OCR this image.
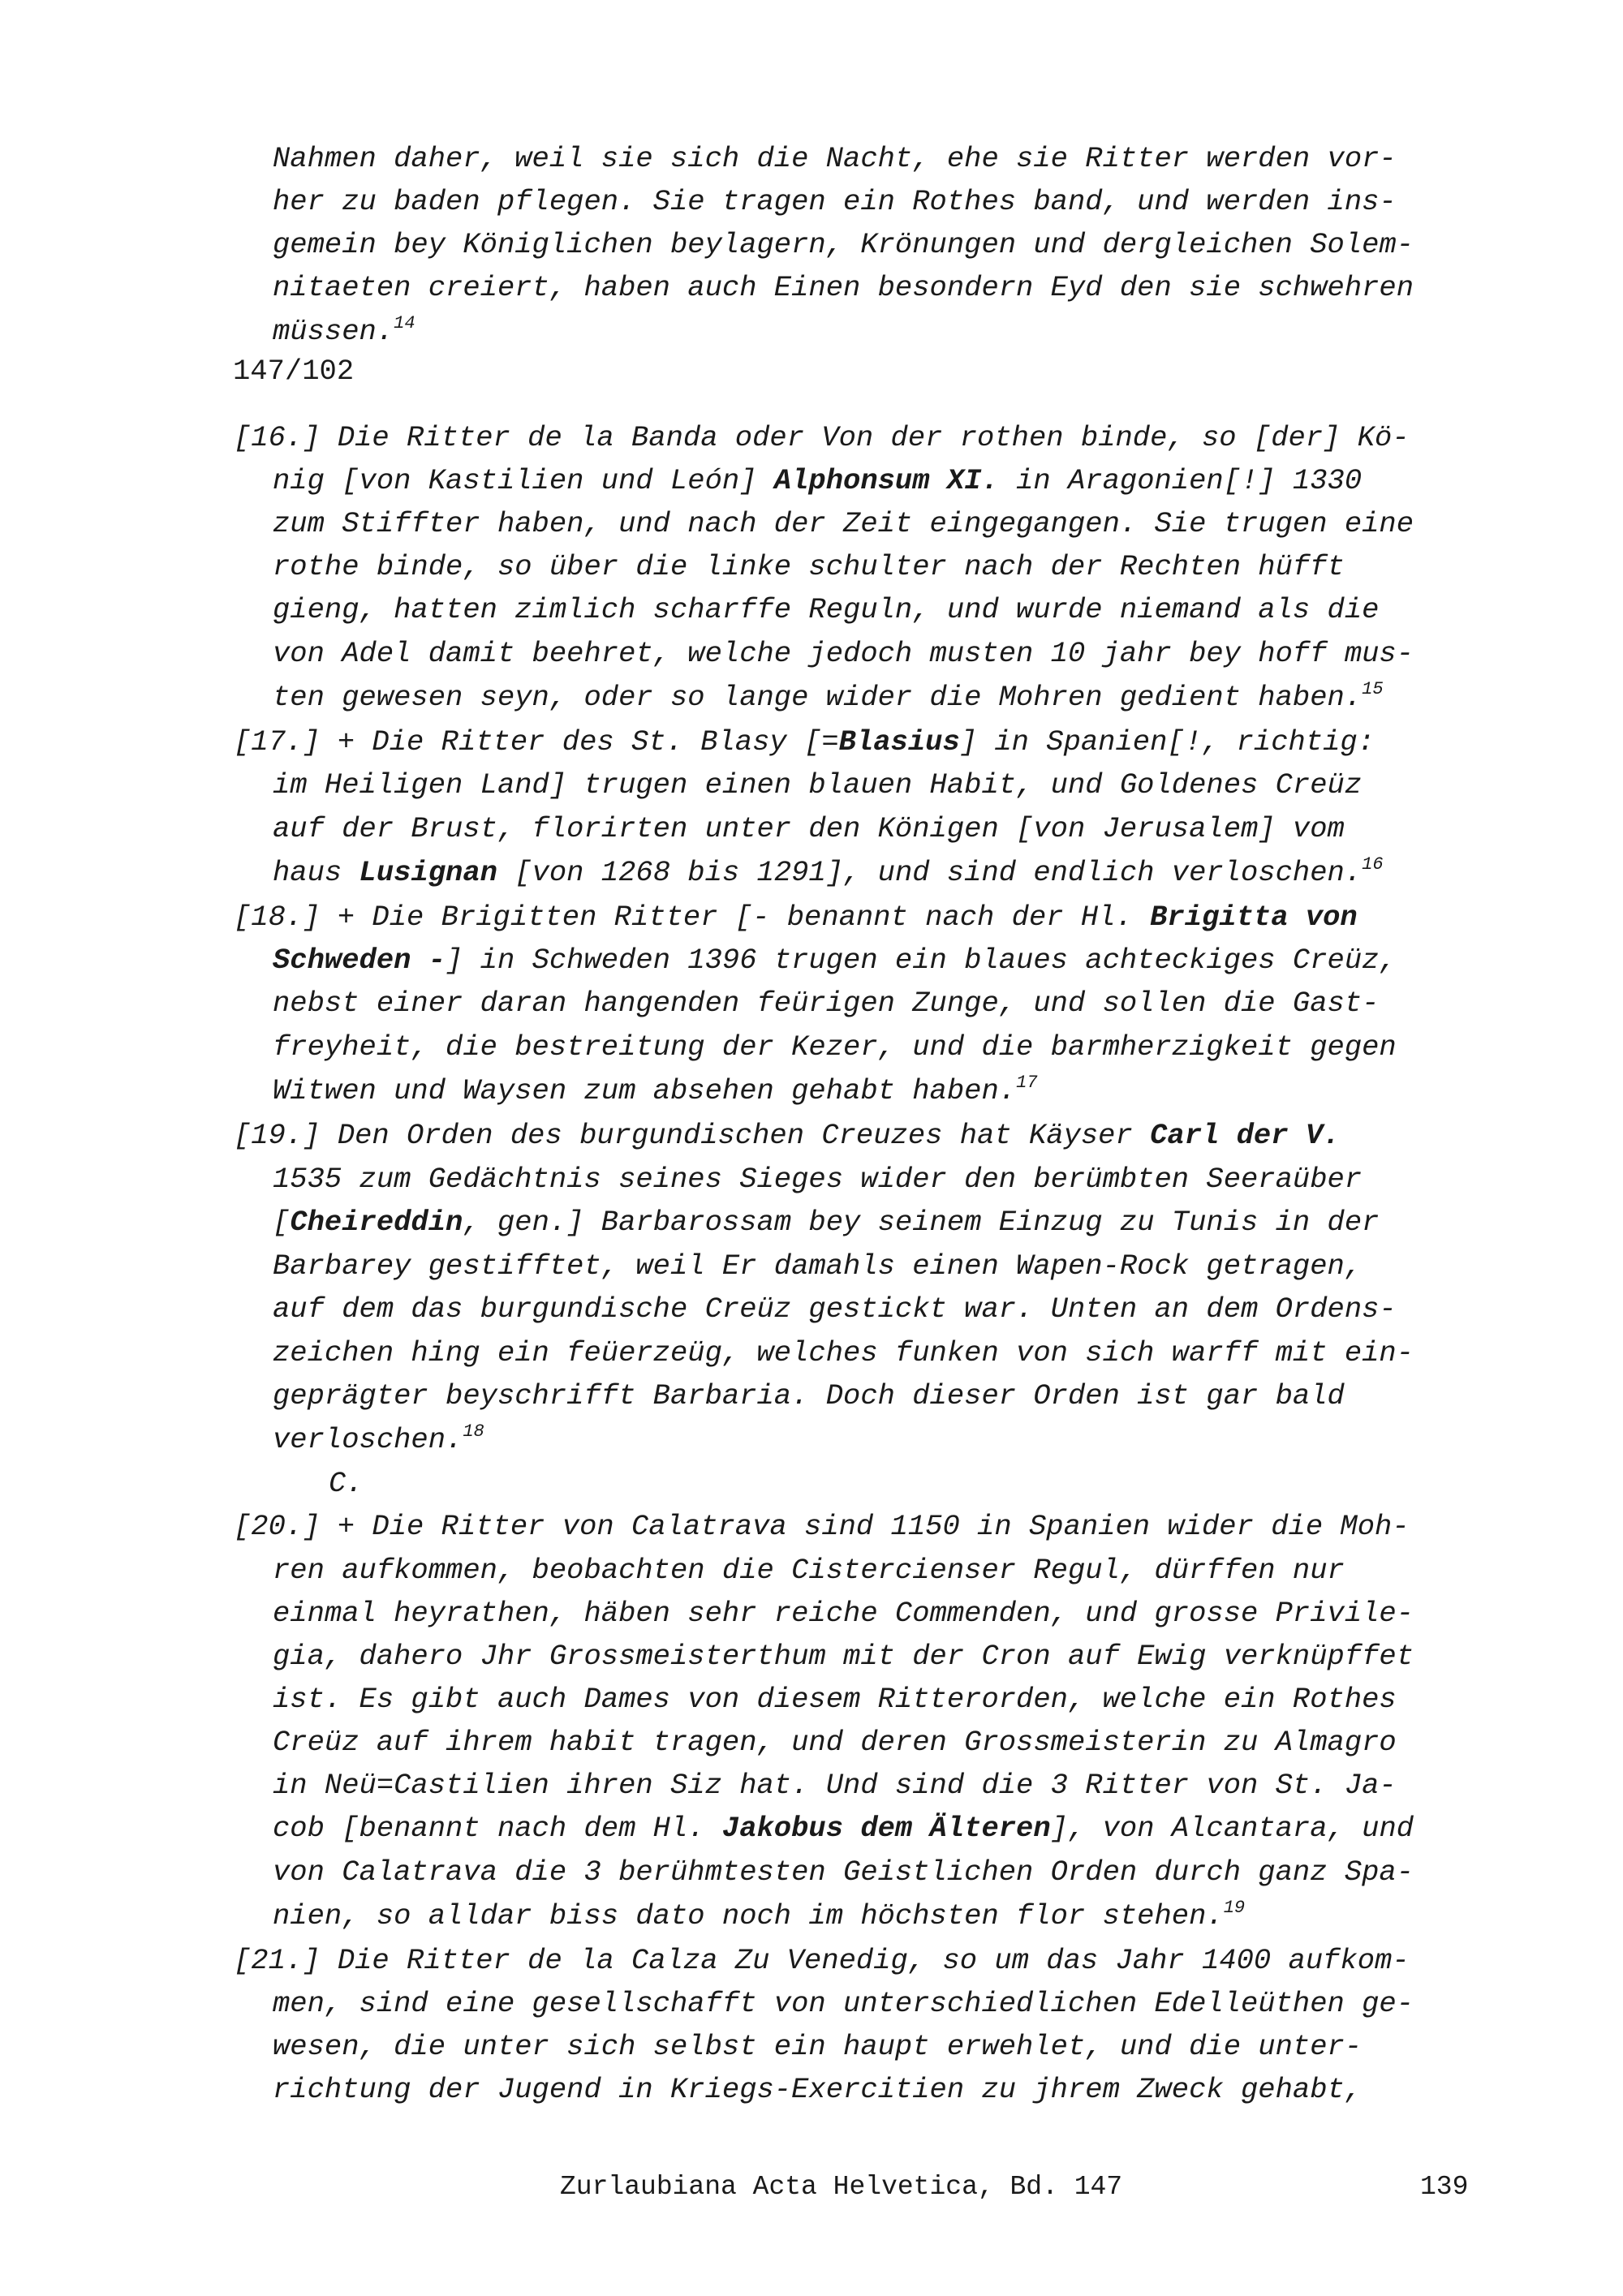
Nahmen daher, weil sie sich die Nacht, ehe sie Ritter werden vor-
her zu baden pflegen. Sie tragen ein Rothes band, und werden ins-
gemein bey Königlichen beylagern, Krönungen und dergleichen Solem-
nitaeten creiert, haben auch Einen besondern Eyd den sie schwehren
müssen.$^{14}$
[16.] Die Ritter de la Banda oder Von der rothen binde, so [der] Kö-
nig [von Kastilien und León] Alphonsum XI. in Aragonien[!] 1330
zum Stiffter haben, und nach der Zeit eingegangen. Sie trugen eine
rothe binde, so über die linke schulter nach der Rechten hüfft
gieng, hatten zimlich scharffe Reguln, und wurde niemand als die
von Adel damit beehret, welche jedoch musten 10 jahr bey hoff mus-
ten gewesen seyn, oder so lange wider die Mohren gedient haben.$^{15}$
[17.] + Die Ritter des St. Blasy [=Blasius] in Spanien[!, richtig:
im Heiligen Land] trugen einen blauen Habit, und Goldenes Creüz
auf der Brust, florirten unter den Königen [von Jerusalem] vom
haus Lusignan [von 1268 bis 1291], und sind endlich verloschen.$^{16}$
[18.] + Die Brigitten Ritter [- benannt nach der Hl. Brigitta von
Schweden -] in Schweden 1396 trugen ein blaues achteckiges Creüz,
nebst einer daran hangenden feürigen Zunge, und sollen die Gast-
freyheit, die bestreitung der Kezer, und die barmherzigkeit gegen
Witwen und Waysen zum absehen gehabt haben.$^{17}$
[19.] Den Orden des burgundischen Creuzes hat Käyser Carl der V.
1535 zum Gedächtnis seines Sieges wider den berümbten Seeraüber
[Cheireddin, gen.] Barbarossam bey seinem Einzug zu Tunis in der
Barbarey gestifftet, weil Er damahls einen Wapen-Rock getragen,
auf dem das burgundische Creüz gestickt war. Unten an dem Ordens-
zeichen hing ein feüerzeüg, welches funken von sich warff mit ein-
geprägter beyschrifft Barbaria. Doch dieser Orden ist gar bald
verloschen.$^{18}$
C.
[20.] + Die Ritter von Calatrava sind 1150 in Spanien wider die Moh-
ren aufkommen, beobachten die Cistercienser Regul, dürffen nur
einmal heyrathen, häben sehr reiche Commenden, und grosse Privile-
gia, dahero Jhr Grossmeisterthum mit der Cron auf Ewig verknüpffet
ist. Es gibt auch Dames von diesem Ritterorden, welche ein Rothes
Creüz auf ihrem habit tragen, und deren Grossmeisterin zu Almagro
in Neü=Castilien ihren Siz hat. Und sind die 3 Ritter von St. Ja-
cob [benannt nach dem Hl. Jakobus dem Älteren], von Alcantara, und
von Calatrava die 3 berühmtesten Geistlichen Orden durch ganz Spa-
nien, so alldar biss dato noch im höchsten flor stehen.$^{19}$
[21.] Die Ritter de la Calza Zu Venedig, so um das Jahr 1400 aufkom-
men, sind eine gesellschafft von unterschiedlichen Edelleüthen ge-
wesen, die unter sich selbst ein haupt erwehlet, und die unter-
richtung der Jugend in Kriegs-Exercitien zu jhrem Zweck gehabt,
147/102
Zurlaubiana Acta Helvetica, Bd. 147	139
